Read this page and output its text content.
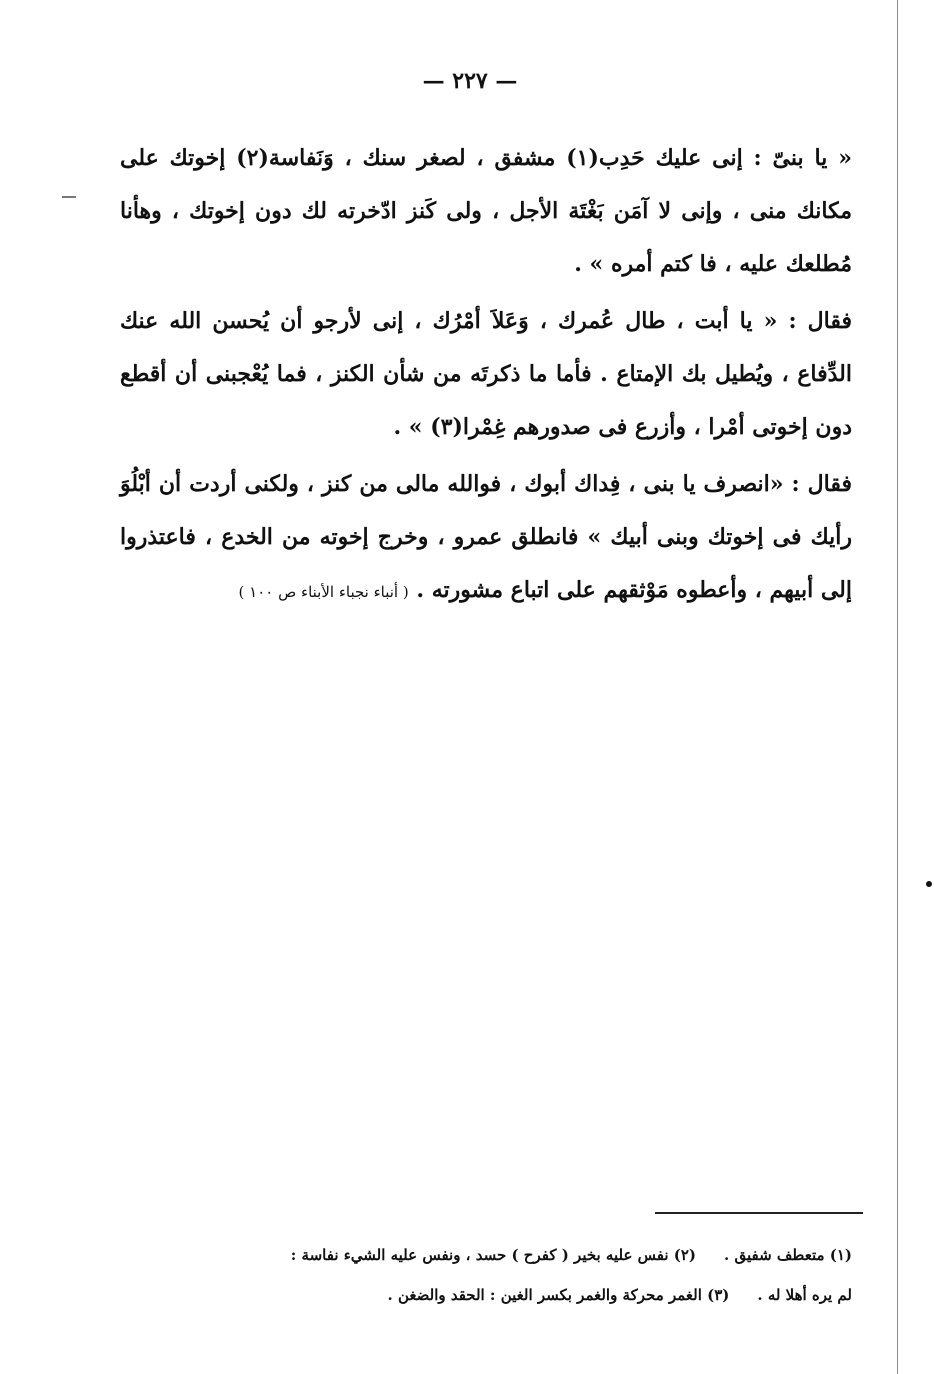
— ٢٢٧ —

« يا بنىّ : إنى عليك حَدِب(١) مشفق ، لصغر سنك ، وَنَفاسة(٢) إخوتك على مكانك منى ، وإنى لا آمَن بَغْتَة الأجل ، ولى كَنز ادّخرته لك دون إخوتك ، وهأنا مُطلعك عليه ، فا كتم أمره » .

فقال : « يا أبت ، طال عُمرك ، وَعَلاَ أمْرُك ، إنى لأرجو أن يُحسن الله عنك الدِّفاع ، ويُطيل بك الإمتاع . فأما ما ذكرتَه من شأن الكنز ، فما يُعْجبنى أن أقطع دون إخوتى أمْرا ، وأزرع فى صدورهم غِمْرا(٣) » .

فقال : «انصرف يا بنى ، فِداك أبوك ، فوالله مالى من كنز ، ولكنى أردت أن أبْلُوَ رأيك فى إخوتك وبنى أبيك » فانطلق عمرو ، وخرج إخوته من الخدع ، فاعتذروا إلى أبيهم ، وأعطوه مَوْثقهم على اتباع مشورته . ( أنباء نجباء الأبناء ص ١٠٠ )

(١) متعطف شفيق .(٢) نفس عليه بخير ( كفرح ) حسد ، ونفس عليه الشيء نفاسة :

لم يره أهلا له .(٣) الغمر محركة والغمر بكسر الغين : الحقد والضغن .
